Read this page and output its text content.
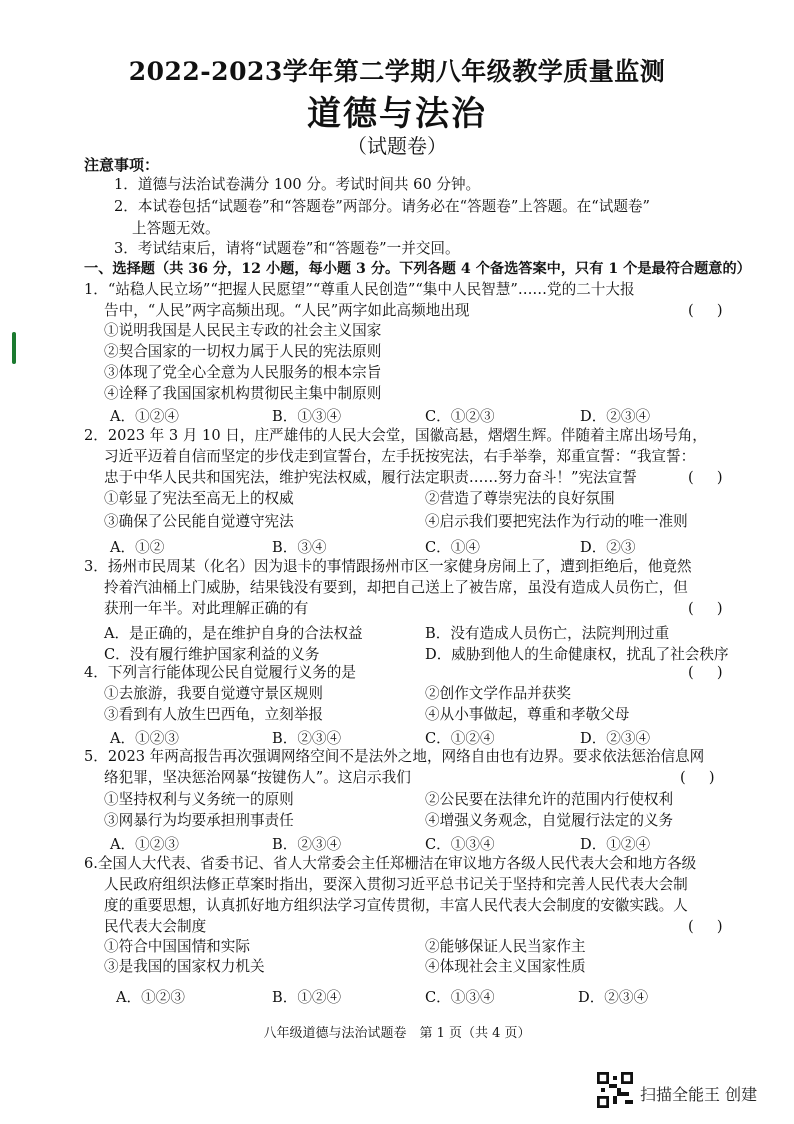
2022-2023学年第二学期八年级教学质量监测
道德与法治
（试题卷）
注意事项：
1．道德与法治试卷满分 100 分。考试时间共 60 分钟。
2．本试卷包括“试题卷”和“答题卷”两部分。请务必在“答题卷”上答题。在“试题卷”
上答题无效。
3．考试结束后，请将“试题卷”和“答题卷”一并交回。
一、选择题（共 36 分，12 小题，每小题 3 分。下列各题 4 个备选答案中，只有 1 个是最符合题意的）
1．“站稳人民立场”“把握人民愿望”“尊重人民创造”“集中人民智慧”……党的二十大报
告中，“人民”两字高频出现。“人民”两字如此高频地出现	(     )
①说明我国是人民民主专政的社会主义国家
②契合国家的一切权力属于人民的宪法原则
③体现了党全心全意为人民服务的根本宗旨
④诠释了我国国家机构贯彻民主集中制原则
A．①②④	B．①③④	C．①②③	D．②③④
2．2023 年 3 月 10 日，庄严雄伟的人民大会堂，国徽高悬，熠熠生辉。伴随着主席出场号角，
习近平迈着自信而坚定的步伐走到宣誓台，左手抚按宪法，右手举拳，郑重宣誓：“我宣誓：
忠于中华人民共和国宪法，维护宪法权威，履行法定职责……努力奋斗！”宪法宣誓	(     )
①彰显了宪法至高无上的权威	②营造了尊崇宪法的良好氛围
③确保了公民能自觉遵守宪法	④启示我们要把宪法作为行动的唯一准则
A．①②	B．③④	C．①④	D．②③
3．扬州市民周某（化名）因为退卡的事情跟扬州市区一家健身房闹上了，遭到拒绝后，他竟然
拎着汽油桶上门威胁，结果钱没有要到，却把自己送上了被告席，虽没有造成人员伤亡，但
获刑一年半。对此理解正确的有	(     )
A．是正确的，是在维护自身的合法权益	B．没有造成人员伤亡，法院判刑过重
C．没有履行维护国家利益的义务	D．威胁到他人的生命健康权，扰乱了社会秩序
4．下列言行能体现公民自觉履行义务的是	(     )
①去旅游，我要自觉遵守景区规则	②创作文学作品并获奖
③看到有人放生巴西龟，立刻举报	④从小事做起，尊重和孝敬父母
A．①②③	B．②③④	C．①②④	D．②③④
5．2023 年两高报告再次强调网络空间不是法外之地，网络自由也有边界。要求依法惩治信息网
络犯罪，坚决惩治网暴“按键伤人”。这启示我们	(     )
①坚持权利与义务统一的原则	②公民要在法律允许的范围内行使权利
③网暴行为均要承担刑事责任	④增强义务观念，自觉履行法定的义务
A．①②③	B．②③④	C．①③④	D．①②④
6.全国人大代表、省委书记、省人大常委会主任郑栅洁在审议地方各级人民代表大会和地方各级
人民政府组织法修正草案时指出，要深入贯彻习近平总书记关于坚持和完善人民代表大会制
度的重要思想，认真抓好地方组织法学习宣传贯彻，丰富人民代表大会制度的安徽实践。人
民代表大会制度	(     )
①符合中国国情和实际	②能够保证人民当家作主
③是我国的国家权力机关	④体现社会主义国家性质
A．①②③	B．①②④	C．①③④	D．②③④
八年级道德与法治试题卷　第 1 页（共 4 页）
扫描全能王 创建
